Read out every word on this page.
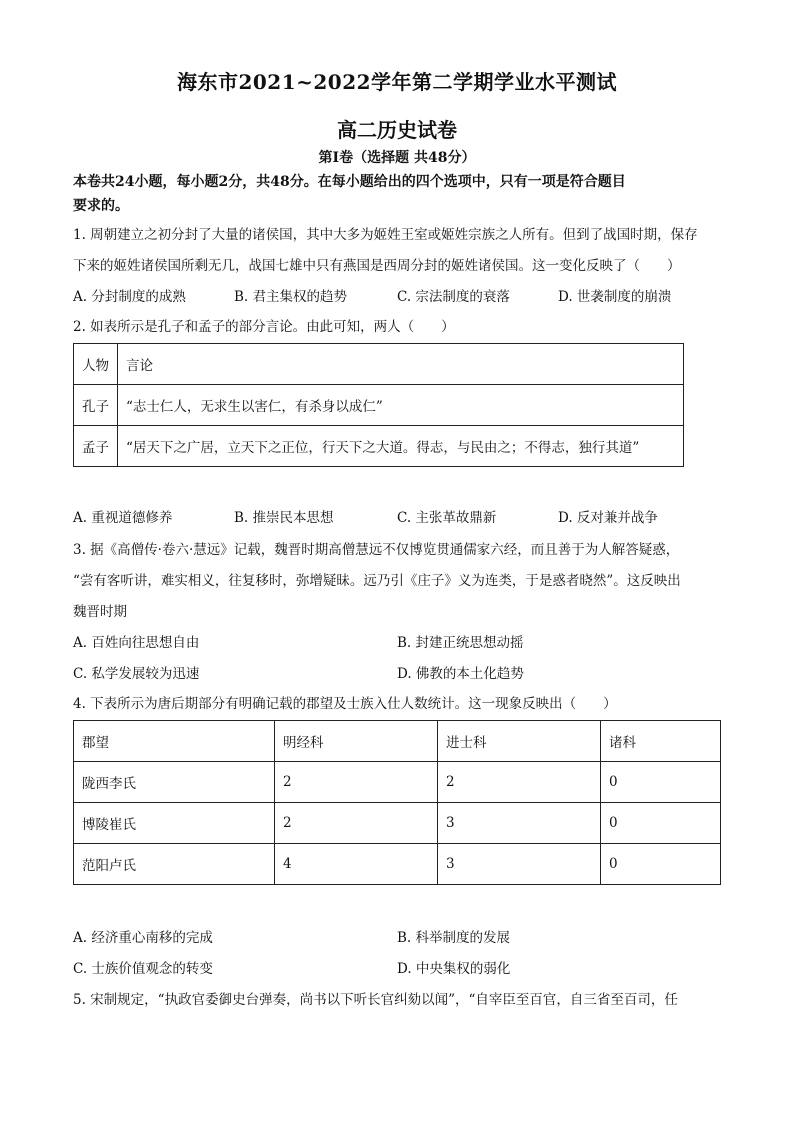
海东市2021~2022学年第二学期学业水平测试
高二历史试卷
第Ⅰ卷（选择题 共48分）
本卷共24小题，每小题2分，共48分。在每小题给出的四个选项中，只有一项是符合题目
要求的。
1. 周朝建立之初分封了大量的诸侯国，其中大多为姬姓王室或姬姓宗族之人所有。但到了战国时期，保存
下来的姬姓诸侯国所剩无几，战国七雄中只有燕国是西周分封的姬姓诸侯国。这一变化反映了（　　）
A. 分封制度的成熟	B. 君主集权的趋势	C. 宗法制度的衰落	D. 世袭制度的崩溃
2. 如表所示是孔子和孟子的部分言论。由此可知，两人（　　）
人物	言论
孔子	“志士仁人，无求生以害仁，有杀身以成仁”
孟子	“居天下之广居，立天下之正位，行天下之大道。得志，与民由之；不得志，独行其道”
A. 重视道德修养	B. 推崇民本思想	C. 主张革故鼎新	D. 反对兼并战争
3. 据《高僧传·卷六·慧远》记载，魏晋时期高僧慧远不仅博览贯通儒家六经，而且善于为人解答疑惑，
“尝有客听讲，难实相义，往复移时，弥增疑昧。远乃引《庄子》义为连类，于是惑者晓然”。这反映出
魏晋时期
A. 百姓向往思想自由	B. 封建正统思想动摇
C. 私学发展较为迅速	D. 佛教的本土化趋势
4. 下表所示为唐后期部分有明确记载的郡望及士族入仕人数统计。这一现象反映出（　　）
郡望	明经科	进士科	诸科
陇西李氏	2	2	0
博陵崔氏	2	3	0
范阳卢氏	4	3	0
A. 经济重心南移的完成	B. 科举制度的发展
C. 士族价值观念的转变	D. 中央集权的弱化
5. 宋制规定，“执政官委御史台弹奏，尚书以下听长官纠劾以闻”，“自宰臣至百官，自三省至百司，任
